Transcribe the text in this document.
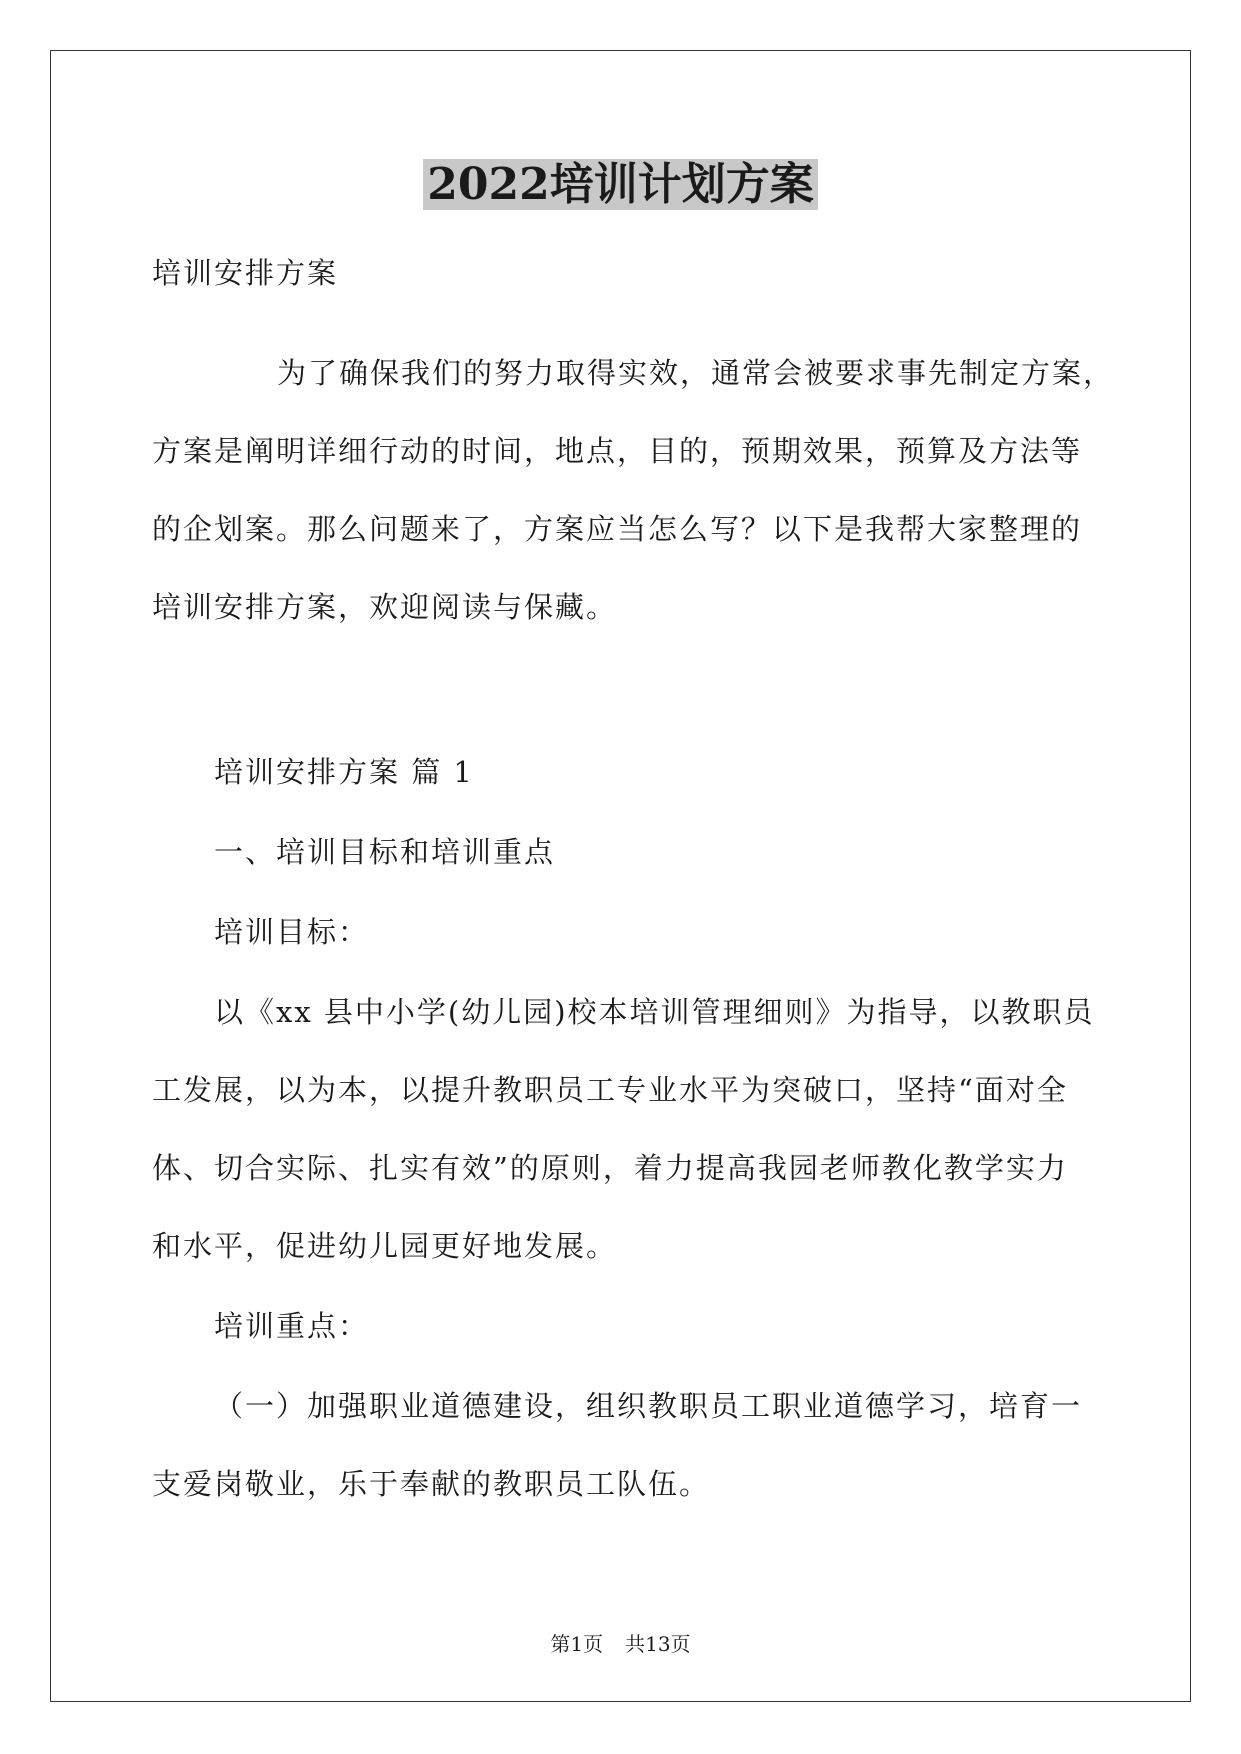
2022培训计划方案
培训安排方案
为了确保我们的努力取得实效，通常会被要求事先制定方案，
方案是阐明详细行动的时间，地点，目的，预期效果，预算及方法等
的企划案。那么问题来了，方案应当怎么写？以下是我帮大家整理的
培训安排方案，欢迎阅读与保藏。
培训安排方案 篇 1
一、培训目标和培训重点
培训目标：
以《xx 县中小学(幼儿园)校本培训管理细则》为指导，以教职员
工发展，以为本，以提升教职员工专业水平为突破口，坚持“面对全
体、切合实际、扎实有效”的原则，着力提高我园老师教化教学实力
和水平，促进幼儿园更好地发展。
培训重点：
（一）加强职业道德建设，组织教职员工职业道德学习，培育一
支爱岗敬业，乐于奉献的教职员工队伍。
第1页 共13页
